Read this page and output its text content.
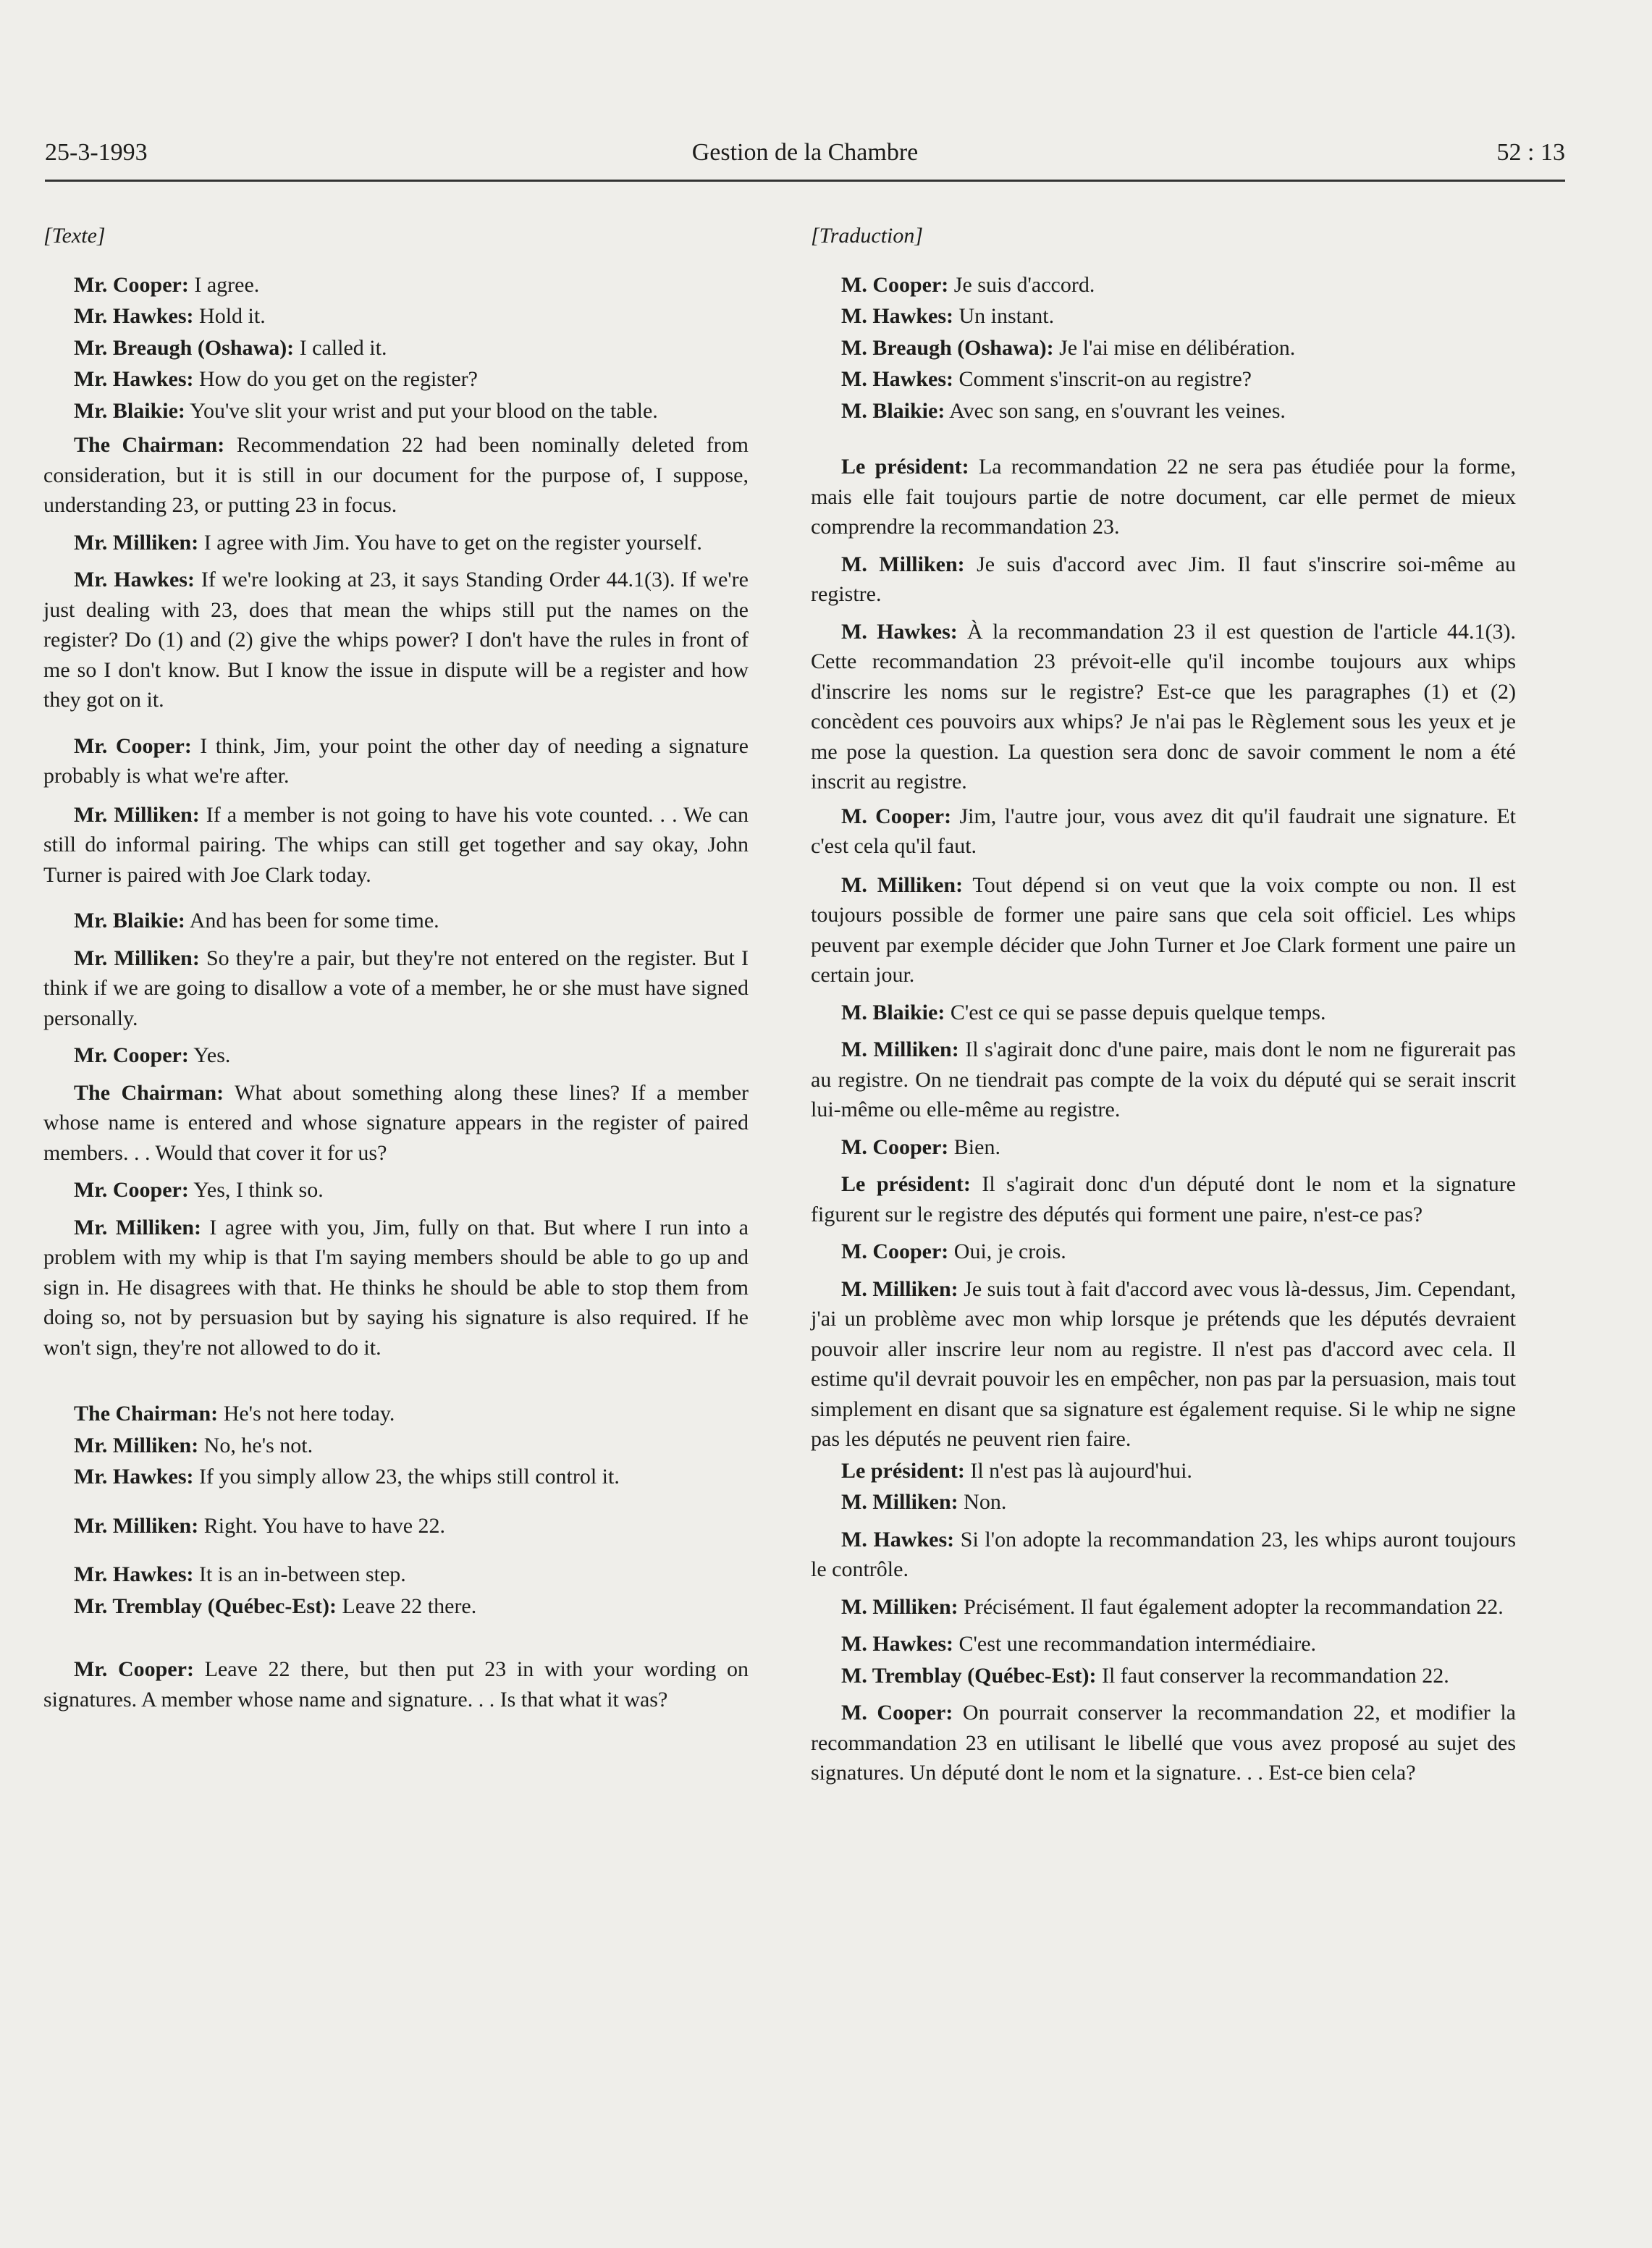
25-3-1993	Gestion de la Chambre	52 : 13
[Texte]

Mr. Cooper: I agree.

Mr. Hawkes: Hold it.

Mr. Breaugh (Oshawa): I called it.

Mr. Hawkes: How do you get on the register?

Mr. Blaikie: You've slit your wrist and put your blood on the table.

The Chairman: Recommendation 22 had been nominally deleted from consideration, but it is still in our document for the purpose of, I suppose, understanding 23, or putting 23 in focus.

Mr. Milliken: I agree with Jim. You have to get on the register yourself.

Mr. Hawkes: If we're looking at 23, it says Standing Order 44.1(3). If we're just dealing with 23, does that mean the whips still put the names on the register? Do (1) and (2) give the whips power? I don't have the rules in front of me so I don't know. But I know the issue in dispute will be a register and how they got on it.

Mr. Cooper: I think, Jim, your point the other day of needing a signature probably is what we're after.

Mr. Milliken: If a member is not going to have his vote counted. . . We can still do informal pairing. The whips can still get together and say okay, John Turner is paired with Joe Clark today.

Mr. Blaikie: And has been for some time.

Mr. Milliken: So they're a pair, but they're not entered on the register. But I think if we are going to disallow a vote of a member, he or she must have signed personally.

Mr. Cooper: Yes.

The Chairman: What about something along these lines? If a member whose name is entered and whose signature appears in the register of paired members. . . Would that cover it for us?

Mr. Cooper: Yes, I think so.

Mr. Milliken: I agree with you, Jim, fully on that. But where I run into a problem with my whip is that I'm saying members should be able to go up and sign in. He disagrees with that. He thinks he should be able to stop them from doing so, not by persuasion but by saying his signature is also required. If he won't sign, they're not allowed to do it.

The Chairman: He's not here today.

Mr. Milliken: No, he's not.

Mr. Hawkes: If you simply allow 23, the whips still control it.

Mr. Milliken: Right. You have to have 22.

Mr. Hawkes: It is an in-between step.

Mr. Tremblay (Québec-Est): Leave 22 there.

Mr. Cooper: Leave 22 there, but then put 23 in with your wording on signatures. A member whose name and signature. . . Is that what it was?

[Traduction]

M. Cooper: Je suis d'accord.

M. Hawkes: Un instant.

M. Breaugh (Oshawa): Je l'ai mise en délibération.

M. Hawkes: Comment s'inscrit-on au registre?

M. Blaikie: Avec son sang, en s'ouvrant les veines.

Le président: La recommandation 22 ne sera pas étudiée pour la forme, mais elle fait toujours partie de notre document, car elle permet de mieux comprendre la recommandation 23.

M. Milliken: Je suis d'accord avec Jim. Il faut s'inscrire soi-même au registre.

M. Hawkes: À la recommandation 23 il est question de l'article 44.1(3). Cette recommandation 23 prévoit-elle qu'il incombe toujours aux whips d'inscrire les noms sur le registre? Est-ce que les paragraphes (1) et (2) concèdent ces pouvoirs aux whips? Je n'ai pas le Règlement sous les yeux et je me pose la question. La question sera donc de savoir comment le nom a été inscrit au registre.

M. Cooper: Jim, l'autre jour, vous avez dit qu'il faudrait une signature. Et c'est cela qu'il faut.

M. Milliken: Tout dépend si on veut que la voix compte ou non. Il est toujours possible de former une paire sans que cela soit officiel. Les whips peuvent par exemple décider que John Turner et Joe Clark forment une paire un certain jour.

M. Blaikie: C'est ce qui se passe depuis quelque temps.

M. Milliken: Il s'agirait donc d'une paire, mais dont le nom ne figurerait pas au registre. On ne tiendrait pas compte de la voix du député qui se serait inscrit lui-même ou elle-même au registre.

M. Cooper: Bien.

Le président: Il s'agirait donc d'un député dont le nom et la signature figurent sur le registre des députés qui forment une paire, n'est-ce pas?

M. Cooper: Oui, je crois.

M. Milliken: Je suis tout à fait d'accord avec vous là-dessus, Jim. Cependant, j'ai un problème avec mon whip lorsque je prétends que les députés devraient pouvoir aller inscrire leur nom au registre. Il n'est pas d'accord avec cela. Il estime qu'il devrait pouvoir les en empêcher, non pas par la persuasion, mais tout simplement en disant que sa signature est également requise. Si le whip ne signe pas les députés ne peuvent rien faire.

Le président: Il n'est pas là aujourd'hui.

M. Milliken: Non.

M. Hawkes: Si l'on adopte la recommandation 23, les whips auront toujours le contrôle.

M. Milliken: Précisément. Il faut également adopter la recommandation 22.

M. Hawkes: C'est une recommandation intermédiaire.

M. Tremblay (Québec-Est): Il faut conserver la recommandation 22.

M. Cooper: On pourrait conserver la recommandation 22, et modifier la recommandation 23 en utilisant le libellé que vous avez proposé au sujet des signatures. Un député dont le nom et la signature. . . Est-ce bien cela?
